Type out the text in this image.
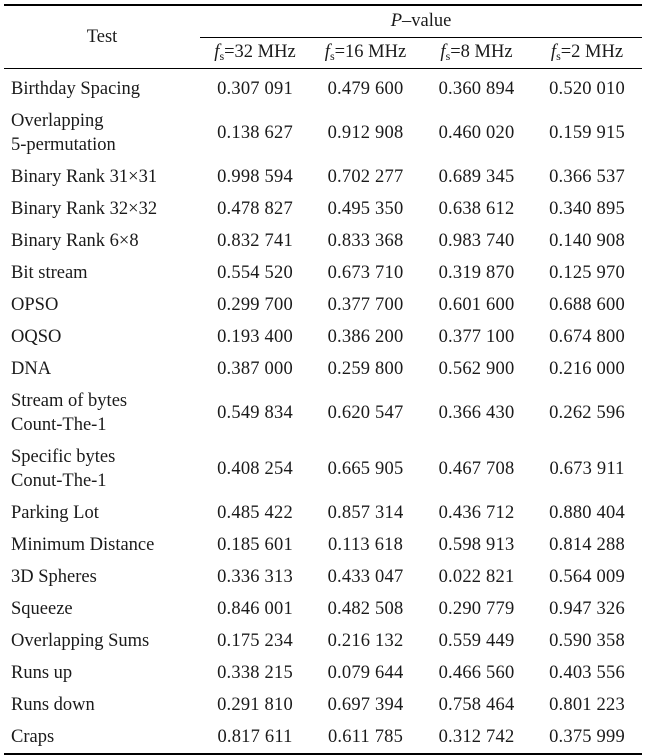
Test	P–value			
	fs=32 MHz	fs=16 MHz	fs=8 MHz	fs=2 MHz
Birthday Spacing	0.307 091	0.479 600	0.360 894	0.520 010
Overlapping
5-permutation	0.138 627	0.912 908	0.460 020	0.159 915
Binary Rank 31×31	0.998 594	0.702 277	0.689 345	0.366 537
Binary Rank 32×32	0.478 827	0.495 350	0.638 612	0.340 895
Binary Rank 6×8	0.832 741	0.833 368	0.983 740	0.140 908
Bit stream	0.554 520	0.673 710	0.319 870	0.125 970
OPSO	0.299 700	0.377 700	0.601 600	0.688 600
OQSO	0.193 400	0.386 200	0.377 100	0.674 800
DNA	0.387 000	0.259 800	0.562 900	0.216 000
Stream of bytes
Count-The-1	0.549 834	0.620 547	0.366 430	0.262 596
Specific bytes
Conut-The-1	0.408 254	0.665 905	0.467 708	0.673 911
Parking Lot	0.485 422	0.857 314	0.436 712	0.880 404
Minimum Distance	0.185 601	0.113 618	0.598 913	0.814 288
3D Spheres	0.336 313	0.433 047	0.022 821	0.564 009
Squeeze	0.846 001	0.482 508	0.290 779	0.947 326
Overlapping Sums	0.175 234	0.216 132	0.559 449	0.590 358
Runs up	0.338 215	0.079 644	0.466 560	0.403 556
Runs down	0.291 810	0.697 394	0.758 464	0.801 223
Craps	0.817 611	0.611 785	0.312 742	0.375 999
